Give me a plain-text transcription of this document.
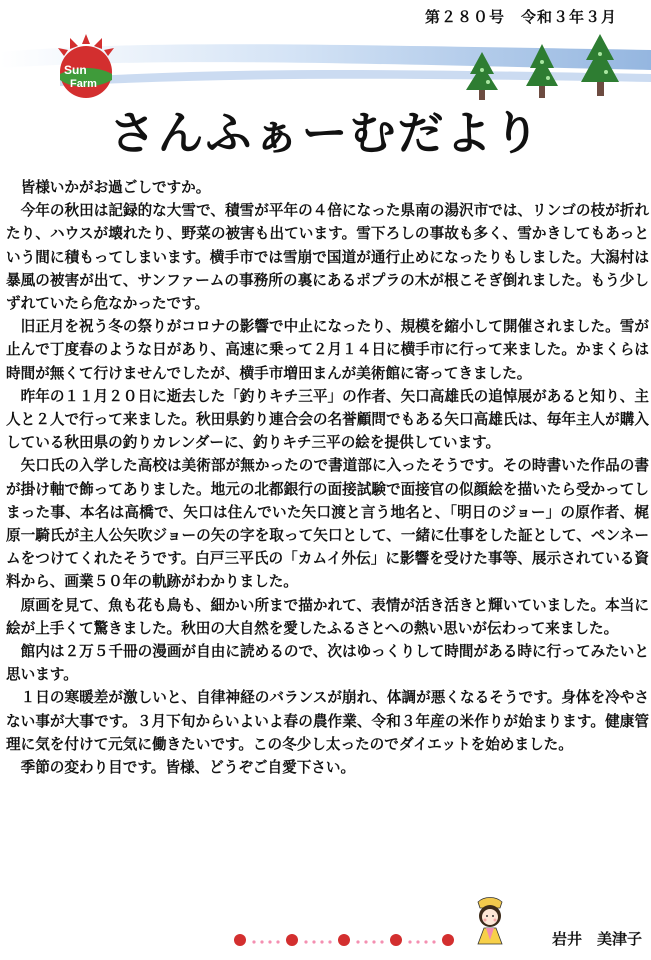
第２８０号　令和３年３月
Sun
Farm
さんふぁーむだより

皆様いかがお過ごしですか。

今年の秋田は記録的な大雪で、積雪が平年の４倍になった県南の湯沢市では、リンゴの枝が折れたり、ハウスが壊れたり、野菜の被害も出ています。雪下ろしの事故も多く、雪かきしてもあっという間に積もってしまいます。横手市では雪崩で国道が通行止めになったりもしました。大潟村は暴風の被害が出て、サンファームの事務所の裏にあるポプラの木が根こそぎ倒れました。もう少しずれていたら危なかったです。

旧正月を祝う冬の祭りがコロナの影響で中止になったり、規模を縮小して開催されました。雪が止んで丁度春のような日があり、高速に乗って２月１４日に横手市に行って来ました。かまくらは時間が無くて行けませんでしたが、横手市増田まんが美術館に寄ってきました。

昨年の１１月２０日に逝去した「釣りキチ三平」の作者、矢口高雄氏の追悼展があると知り、主人と２人で行って来ました。秋田県釣り連合会の名誉顧問でもある矢口高雄氏は、毎年主人が購入している秋田県の釣りカレンダーに、釣りキチ三平の絵を提供しています。

矢口氏の入学した高校は美術部が無かったので書道部に入ったそうです。その時書いた作品の書が掛け軸で飾ってありました。地元の北都銀行の面接試験で面接官の似顔絵を描いたら受かってしまった事、本名は高橋で、矢口は住んでいた矢口渡と言う地名と、「明日のジョー」の原作者、梶原一騎氏が主人公矢吹ジョーの矢の字を取って矢口として、一緒に仕事をした証として、ペンネームをつけてくれたそうです。白戸三平氏の「カムイ外伝」に影響を受けた事等、展示されている資料から、画業５０年の軌跡がわかりました。

原画を見て、魚も花も鳥も、細かい所まで描かれて、表情が活き活きと輝いていました。本当に絵が上手くて驚きました。秋田の大自然を愛したふるさとへの熱い思いが伝わって来ました。

館内は２万５千冊の漫画が自由に読めるので、次はゆっくりして時間がある時に行ってみたいと思います。

１日の寒暖差が激しいと、自律神経のバランスが崩れ、体調が悪くなるそうです。身体を冷やさない事が大事です。３月下旬からいよいよ春の農作業、令和３年産の米作りが始まります。健康管理に気を付けて元気に働きたいです。この冬少し太ったのでダイエットを始めました。

季節の変わり目です。皆様、どうぞご自愛下さい。

岩井　美津子
